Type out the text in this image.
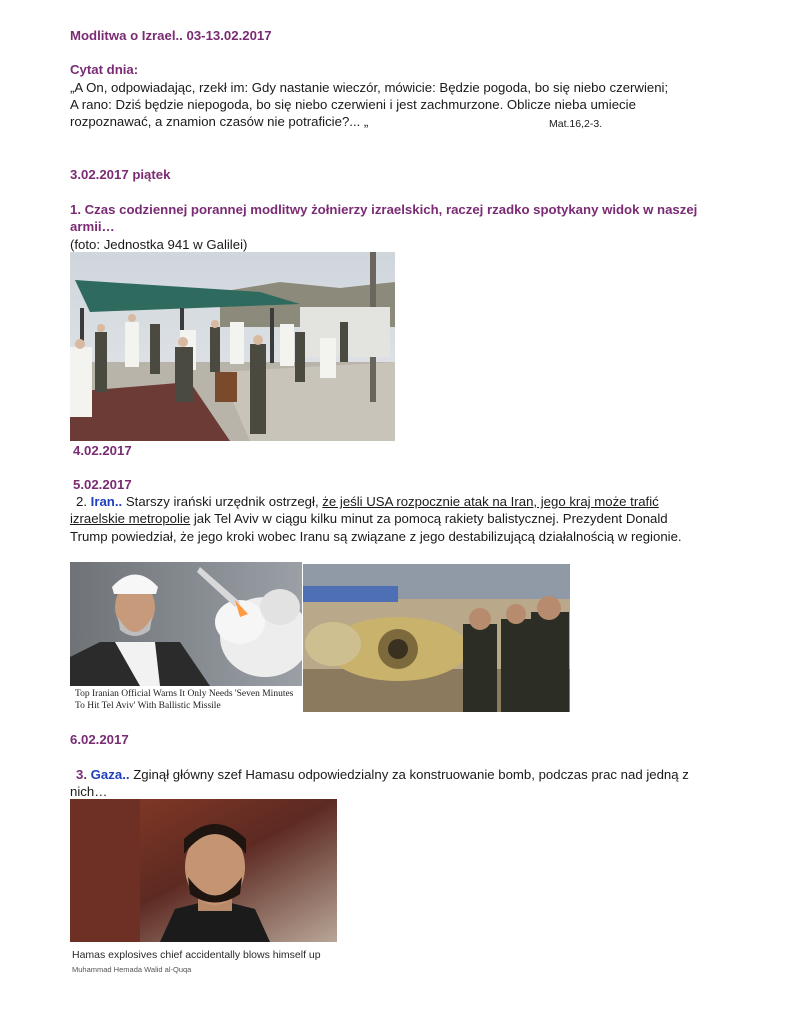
Modlitwa o Izrael.. 03-13.02.2017
Cytat dnia:
„A On, odpowiadając, rzekł im: Gdy nastanie wieczór, mówicie: Będzie pogoda, bo się niebo czerwieni;
A rano: Dziś będzie niepogoda, bo się niebo czerwieni i jest zachmurzone. Oblicze nieba umiecie
rozpoznawać, a znamion czasów nie potraficie?... „	Mat.16,2-3.
3.02.2017 piątek
1. Czas codziennej porannej modlitwy żołnierzy izraelskich, raczej rzadko spotykany widok w naszej
armii…
(foto: Jednostka 941 w Galilei)
4.02.2017
5.02.2017
2. Iran.. Starszy irański urzędnik ostrzegł, że jeśli USA rozpocznie atak na Iran, jego kraj może trafić
izraelskie metropolie jak Tel Aviv w ciągu kilku minut za pomocą rakiety balistycznej. Prezydent Donald
Trump powiedział, że jego kroki wobec Iranu są związane z jego destabilizującą działalnością w regionie.
Top Iranian Official Warns It Only Needs 'Seven Minutes
To Hit Tel Aviv' With Ballistic Missile
6.02.2017
3. Gaza.. Zginął główny szef Hamasu odpowiedzialny za konstruowanie bomb, podczas prac nad jedną z
nich…
Hamas explosives chief accidentally blows himself up
Muhammad Hemada Walid al-Quqa
